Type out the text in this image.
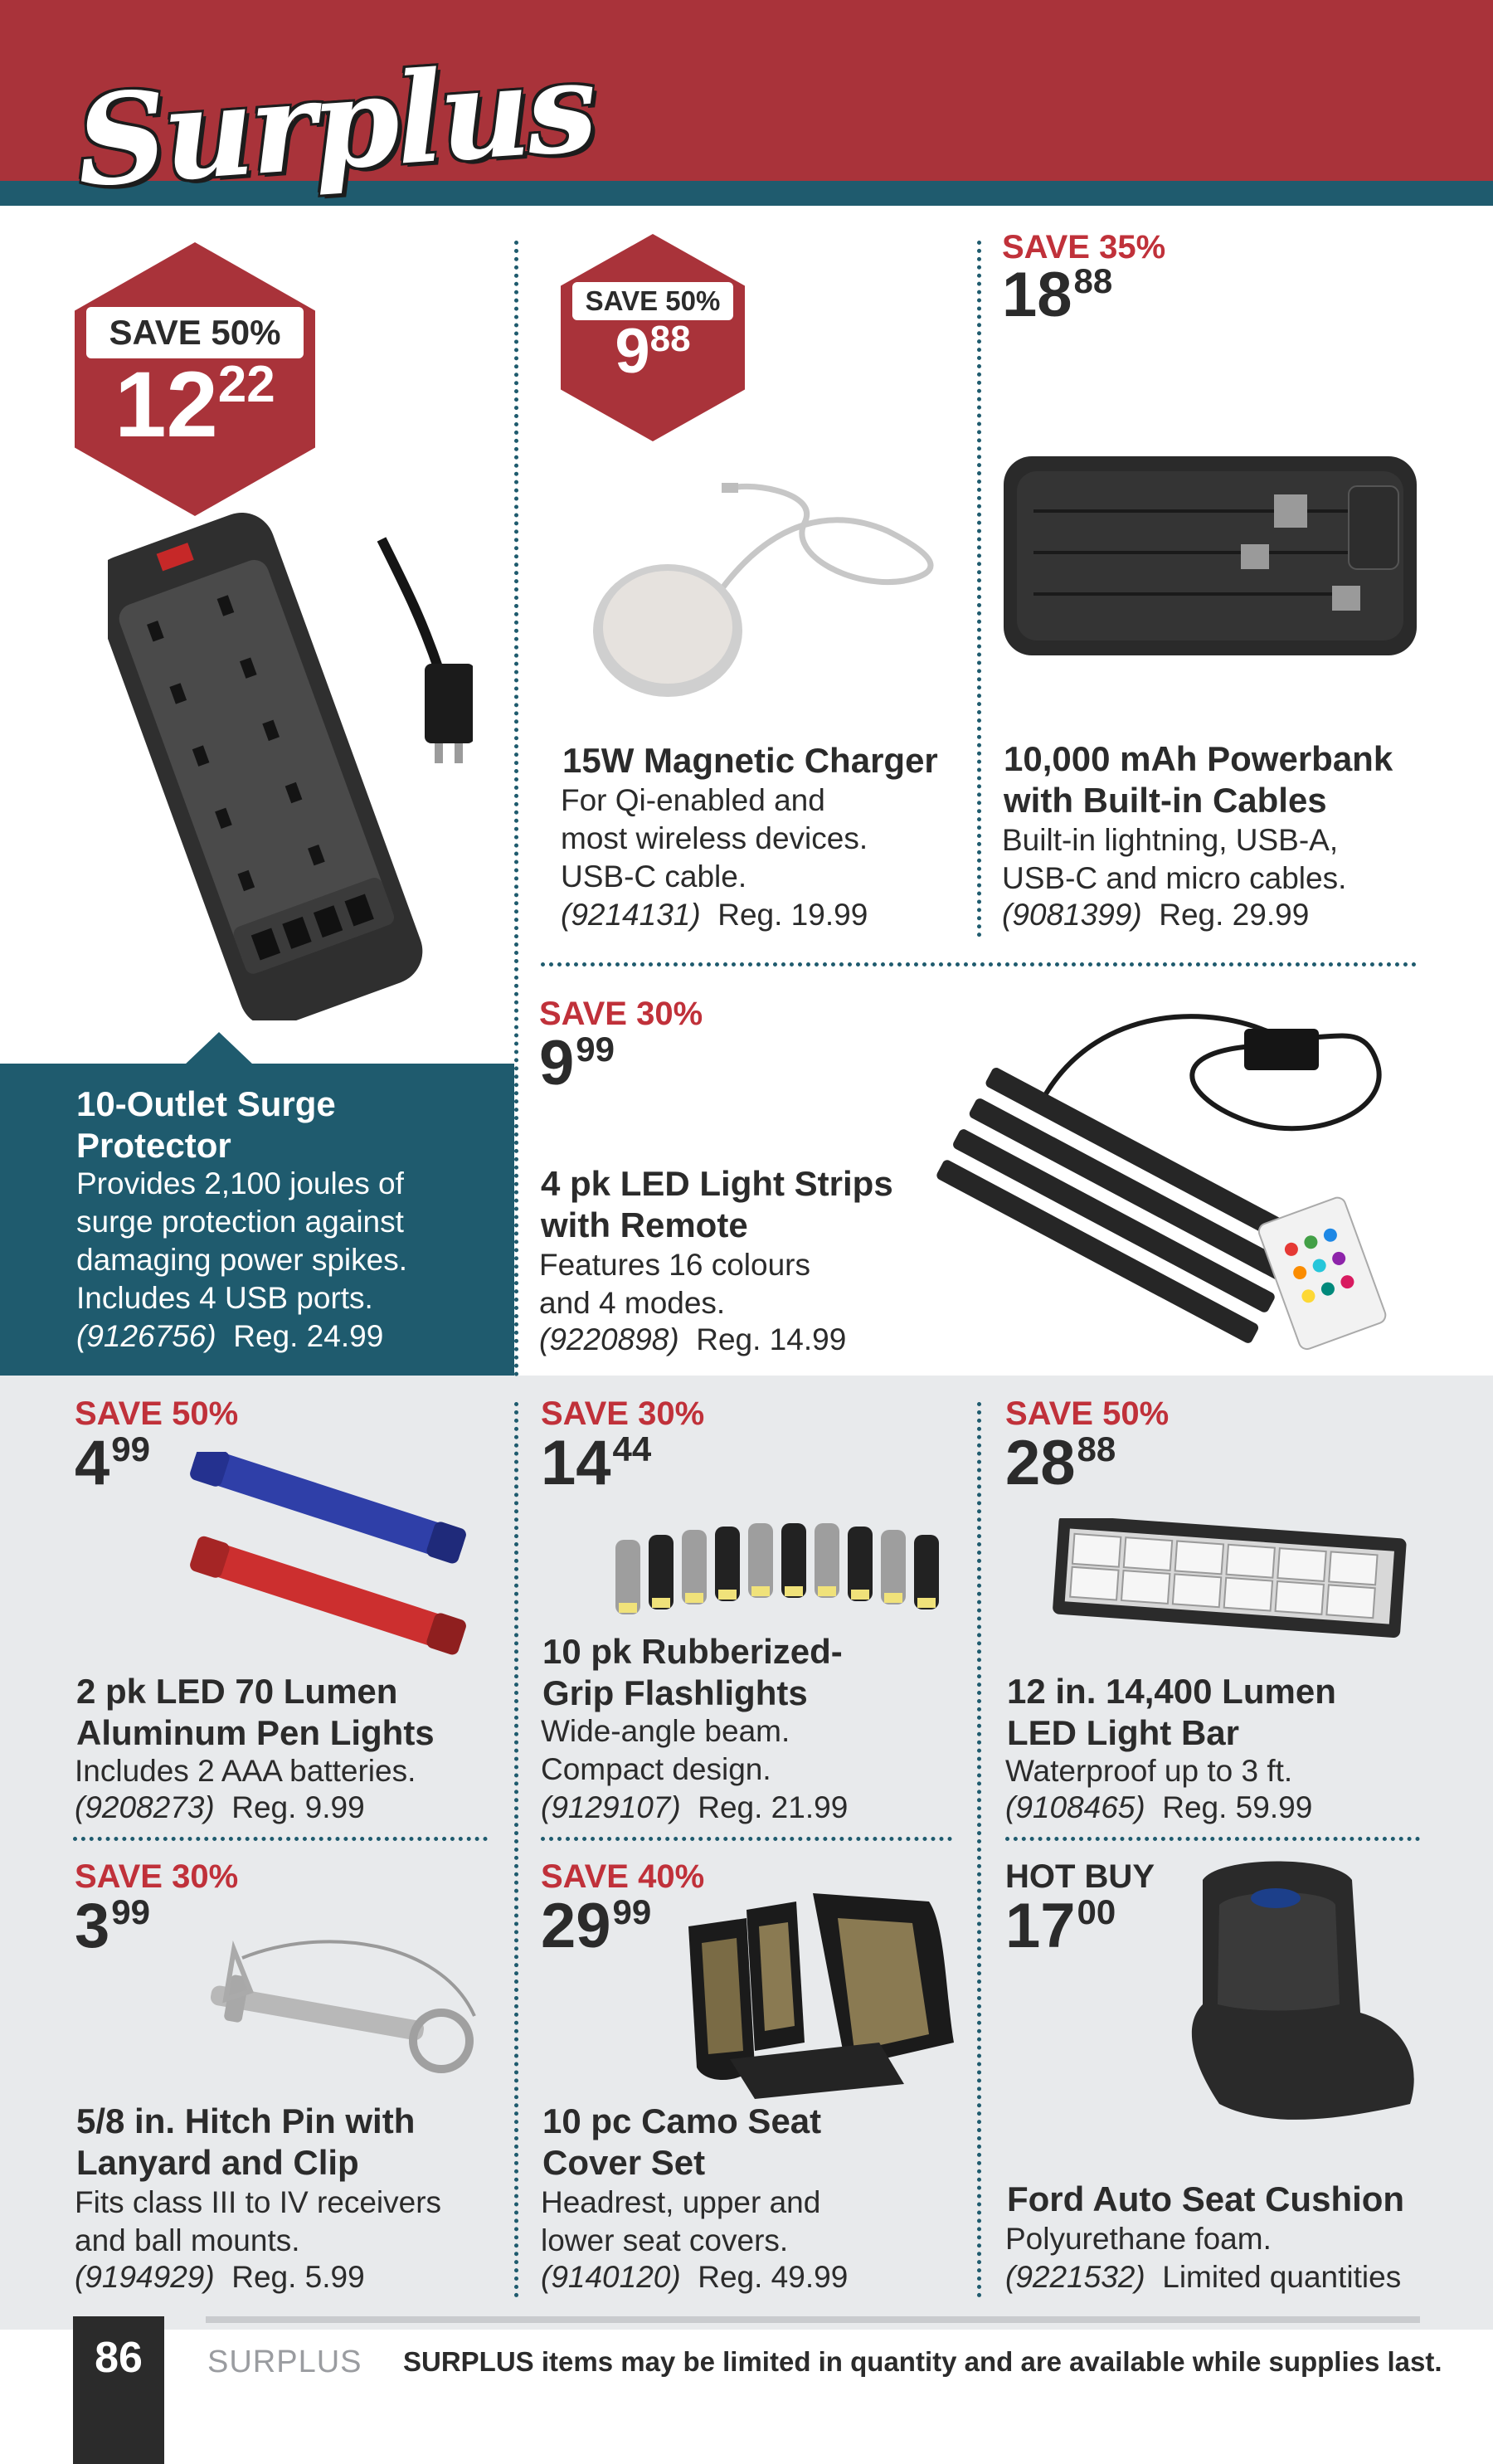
Surplus
SAVE 50%
$12^{22}$
10-Outlet Surge
Protector
Provides 2,100 joules of
surge protection against
damaging power spikes.
Includes 4 USB ports.
(9126756) Reg. 24.99
SAVE 50%
$9^{88}$
15W Magnetic Charger
For Qi-enabled and
most wireless devices.
USB-C cable.
(9214131) Reg. 19.99
SAVE 35%
$18^{88}$
10,000 mAh Powerbank
with Built-in Cables
Built-in lightning, USB-A,
USB-C and micro cables.
(9081399) Reg. 29.99
SAVE 30%
$9^{99}$
4 pk LED Light Strips
with Remote
Features 16 colours
and 4 modes.
(9220898) Reg. 14.99
SAVE 50%
$4^{99}$
2 pk LED 70 Lumen
Aluminum Pen Lights
Includes 2 AAA batteries.
(9208273) Reg. 9.99
SAVE 30%
$14^{44}$
10 pk Rubberized-
Grip Flashlights
Wide-angle beam.
Compact design.
(9129107) Reg. 21.99
SAVE 50%
$28^{88}$
12 in. 14,400 Lumen
LED Light Bar
Waterproof up to 3 ft.
(9108465) Reg. 59.99
SAVE 30%
$3^{99}$
5/8 in. Hitch Pin with
Lanyard and Clip
Fits class III to IV receivers
and ball mounts.
(9194929) Reg. 5.99
SAVE 40%
$29^{99}$
10 pc Camo Seat
Cover Set
Headrest, upper and
lower seat covers.
(9140120) Reg. 49.99
HOT BUY
$17^{00}$
Ford Auto Seat Cushion
Polyurethane foam.
(9221532) Limited quantities
86	SURPLUS SURPLUS items may be limited in quantity and are available while supplies last.
